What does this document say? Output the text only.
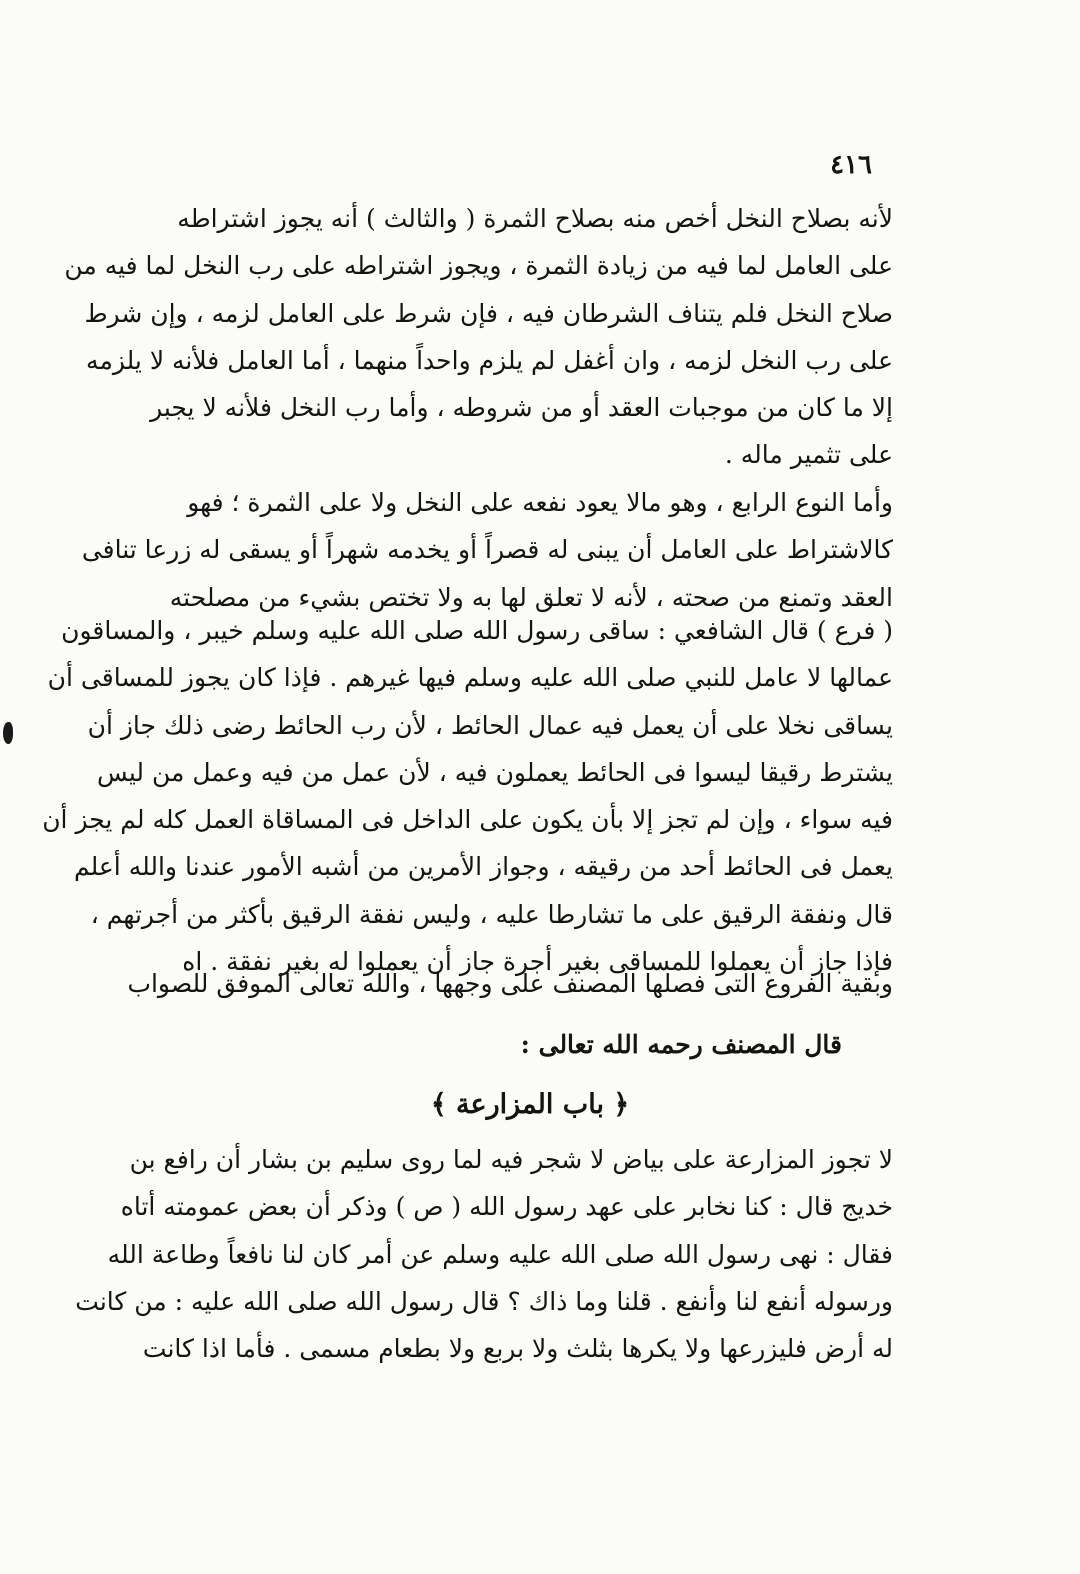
٤١٦
لأنه بصلاح النخل أخص منه بصلاح الثمرة ( والثالث ) أنه يجوز اشتراطه
على العامل لما فيه من زيادة الثمرة ، ويجوز اشتراطه على رب النخل لما فيه من
صلاح النخل فلم يتناف الشرطان فيه ، فإن شرط على العامل لزمه ، وإن شرط
على رب النخل لزمه ، وان أغفل لم يلزم واحداً منهما ، أما العامل فلأنه لا يلزمه
إلا ما كان من موجبات العقد أو من شروطه ، وأما رب النخل فلأنه لا يجبر
على تثمير ماله .
وأما النوع الرابع ، وهو مالا يعود نفعه على النخل ولا على الثمرة ؛ فهو
كالاشتراط على العامل أن يبنى له قصراً أو يخدمه شهراً أو يسقى له زرعا تنافى
العقد وتمنع من صحته ، لأنه لا تعلق لها به ولا تختص بشيء من مصلحته
( فرع ) قال الشافعي : ساقى رسول الله صلى الله عليه وسلم خيبر ، والمساقون
عمالها لا عامل للنبي صلى الله عليه وسلم فيها غيرهم . فإذا كان يجوز للمساقى أن
يساقى نخلا على أن يعمل فيه عمال الحائط ، لأن رب الحائط رضى ذلك جاز أن
يشترط رقيقا ليسوا فى الحائط يعملون فيه ، لأن عمل من فيه وعمل من ليس
فيه سواء ، وإن لم تجز إلا بأن يكون على الداخل فى المساقاة العمل كله لم يجز أن
يعمل فى الحائط أحد من رقيقه ، وجواز الأمرين من أشبه الأمور عندنا والله أعلم
قال ونفقة الرقيق على ما تشارطا عليه ، وليس نفقة الرقيق بأكثر من أجرتهم ،
فإذا جاز أن يعملوا للمساقى بغير أجرة جاز أن يعملوا له بغير نفقة . اه
وبقية الفروع التى فصلها المصنف على وجهها ، والله تعالى الموفق للصواب
قال المصنف رحمه الله تعالى :
﴿ باب المزارعة ﴾
لا تجوز المزارعة على بياض لا شجر فيه لما روى سليم بن بشار أن رافع بن
خديج قال : كنا نخابر على عهد رسول الله ( ص ) وذكر أن بعض عمومته أتاه
فقال : نهى رسول الله صلى الله عليه وسلم عن أمر كان لنا نافعاً وطاعة الله
ورسوله أنفع لنا وأنفع . قلنا وما ذاك ؟ قال رسول الله صلى الله عليه : من كانت
له أرض فليزرعها ولا يكرها بثلث ولا بربع ولا بطعام مسمى . فأما اذا كانت
